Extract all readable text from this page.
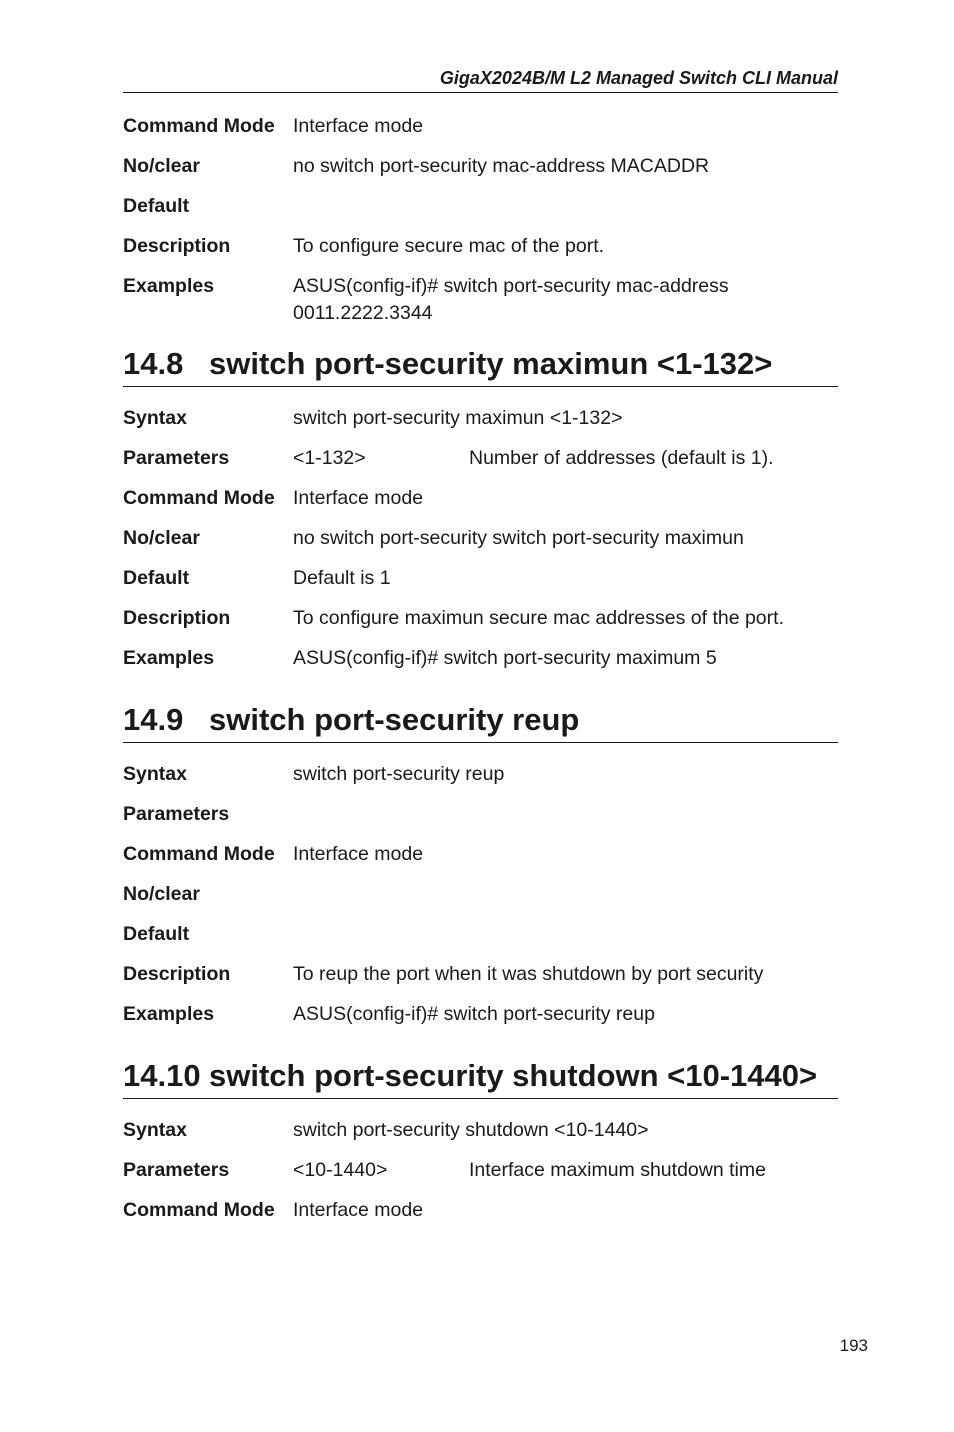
GigaX2024B/M L2 Managed Switch CLI Manual
Command Mode Interface mode
No/clear	no switch port-security mac-address MACADDR
Default
Description	To configure secure mac of the port.
Examples	ASUS(config-if)# switch port-security mac-address
0011.2222.3344
14.8 switch port-security maximun <1-132>
Syntax	switch port-security maximun <1-132>
Parameters	<1-132>	Number of addresses (default is 1).
Command Mode Interface mode
No/clear	no switch port-security switch port-security maximun
Default	Default is 1
Description	To configure maximun secure mac addresses of the port.
Examples	ASUS(config-if)# switch port-security maximum 5
14.9 switch port-security reup
Syntax	switch port-security reup
Parameters
Command Mode Interface mode
No/clear
Default
Description	To reup the port when it was shutdown by port security
Examples	ASUS(config-if)# switch port-security reup
14.10 switch port-security shutdown <10-1440>
Syntax	switch port-security shutdown <10-1440>
Parameters	<10-1440>	Interface maximum shutdown time
Command Mode Interface mode
193
